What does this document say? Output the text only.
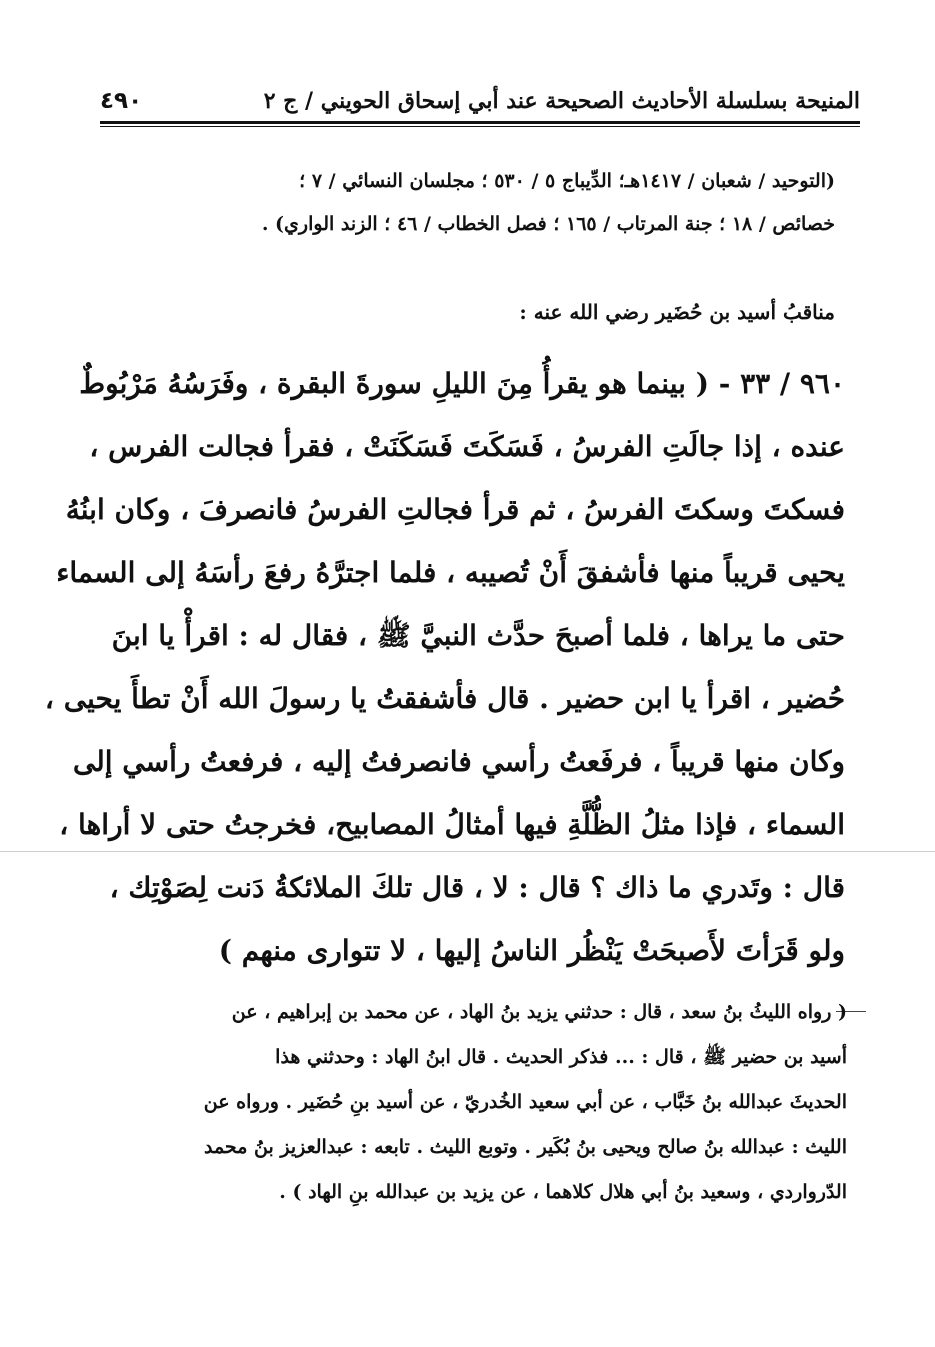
٤٩٠	المنيحة بسلسلة الأحاديث الصحيحة عند أبي إسحاق الحويني / ج ٢
(التوحيد / شعبان / ١٤١٧هـ؛ الدِّيباج ٥ / ٥٣٠ ؛ مجلسان النسائي / ٧ ؛
خصائص / ١٨ ؛ جنة المرتاب / ١٦٥ ؛ فصل الخطاب / ٤٦ ؛ الزند الواري) .
مناقبُ أسيد بن حُضَير رضي الله عنه :
٩٦٠ / ٣٣ - ( بينما هو يقرأُ مِنَ الليلِ سورةَ البقرة ، وفَرَسُهُ مَرْبُوطٌ
عنده ، إذا جالَتِ الفرسُ ، فَسَكَتَ فَسَكَنَتْ ، فقرأ فجالت الفرس ،
فسكتَ وسكتَ الفرسُ ، ثم قرأ فجالتِ الفرسُ فانصرفَ ، وكان ابنُهُ
يحيى قريباً منها فأشفقَ أَنْ تُصيبه ، فلما اجترَّهُ رفعَ رأسَهُ إلى السماء
حتى ما يراها ، فلما أصبحَ حدَّث النبيَّ ﷺ ، فقال له : اقرأْ يا ابنَ
حُضير ، اقرأ يا ابن حضير . قال فأشفقتُ يا رسولَ الله أَنْ تطأَ يحيى ،
وكان منها قريباً ، فرفَعتُ رأسي فانصرفتُ إليه ، فرفعتُ رأسي إلى
السماء ، فإذا مثلُ الظُّلَّةِ فيها أمثالُ المصابيح، فخرجتُ حتى لا أراها ،
قال : وتَدري ما ذاك ؟ قال : لا ، قال تلكَ الملائكةُ دَنت لِصَوْتِك ،
ولو قَرَأتَ لأَصبحَتْ يَنْظُر الناسُ إليها ، لا تتوارى منهم )
( رواه الليثُ بنُ سعد ، قال : حدثني يزيد بنُ الهاد ، عن محمد بن إبراهيم ، عن
أسيد بن حضير ﷺ ، قال : ... فذكر الحديث . قال ابنُ الهاد : وحدثني هذا
الحديثَ عبدالله بنُ خَبَّاب ، عن أبي سعيد الخُدريّ ، عن أسيد بنِ حُضَير . ورواه عن
الليث : عبدالله بنُ صالح ويحيى بنُ بُكَير . وتوبع الليث . تابعه : عبدالعزيز بنُ محمد
الدّرواردي ، وسعيد بنُ أبي هلال كلاهما ، عن يزيد بن عبدالله بنِ الهاد ) .
